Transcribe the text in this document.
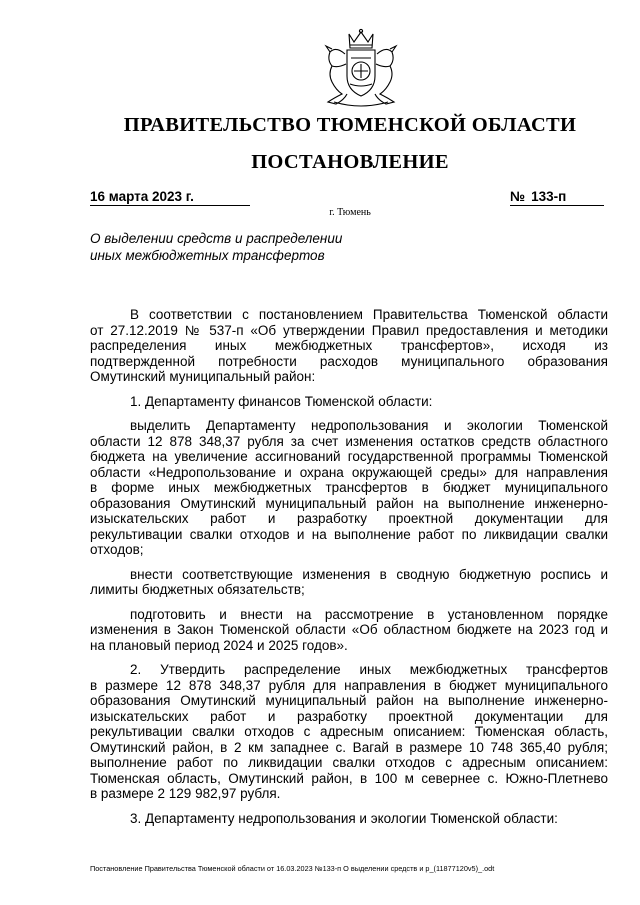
ПРАВИТЕЛЬСТВО ТЮМЕНСКОЙ ОБЛАСТИ
ПОСТАНОВЛЕНИЕ
16 марта 2023 г.	№ 133-п
г. Тюмень
О выделении средств и распределении
иных межбюджетных трансфертов
В соответствии с постановлением Правительства Тюменской области
от 27.12.2019 № 537-п «Об утверждении Правил предоставления и методики
распределения иных межбюджетных трансфертов», исходя из
подтвержденной потребности расходов муниципального образования
Омутинский муниципальный район:
1. Департаменту финансов Тюменской области:
выделить Департаменту недропользования и экологии Тюменской
области 12 878 348,37 рубля за счет изменения остатков средств областного
бюджета на увеличение ассигнований государственной программы Тюменской
области «Недропользование и охрана окружающей среды» для направления
в форме иных межбюджетных трансфертов в бюджет муниципального
образования Омутинский муниципальный район на выполнение инженерно-
изыскательских работ и разработку проектной документации для
рекультивации свалки отходов и на выполнение работ по ликвидации свалки
отходов;
внести соответствующие изменения в сводную бюджетную роспись и
лимиты бюджетных обязательств;
подготовить и внести на рассмотрение в установленном порядке
изменения в Закон Тюменской области «Об областном бюджете на 2023 год и
на плановый период 2024 и 2025 годов».
2. Утвердить распределение иных межбюджетных трансфертов
в размере 12 878 348,37 рубля для направления в бюджет муниципального
образования Омутинский муниципальный район на выполнение инженерно-
изыскательских работ и разработку проектной документации для
рекультивации свалки отходов с адресным описанием: Тюменская область,
Омутинский район, в 2 км западнее с. Вагай в размере 10 748 365,40 рубля;
выполнение работ по ликвидации свалки отходов с адресным описанием:
Тюменская область, Омутинский район, в 100 м севернее с. Южно-Плетнево
в размере 2 129 982,97 рубля.
3. Департаменту недропользования и экологии Тюменской области:
Постановление Правительства Тюменской области от 16.03.2023 №133-п О выделении средств и р_(11877120v5)_.odt
